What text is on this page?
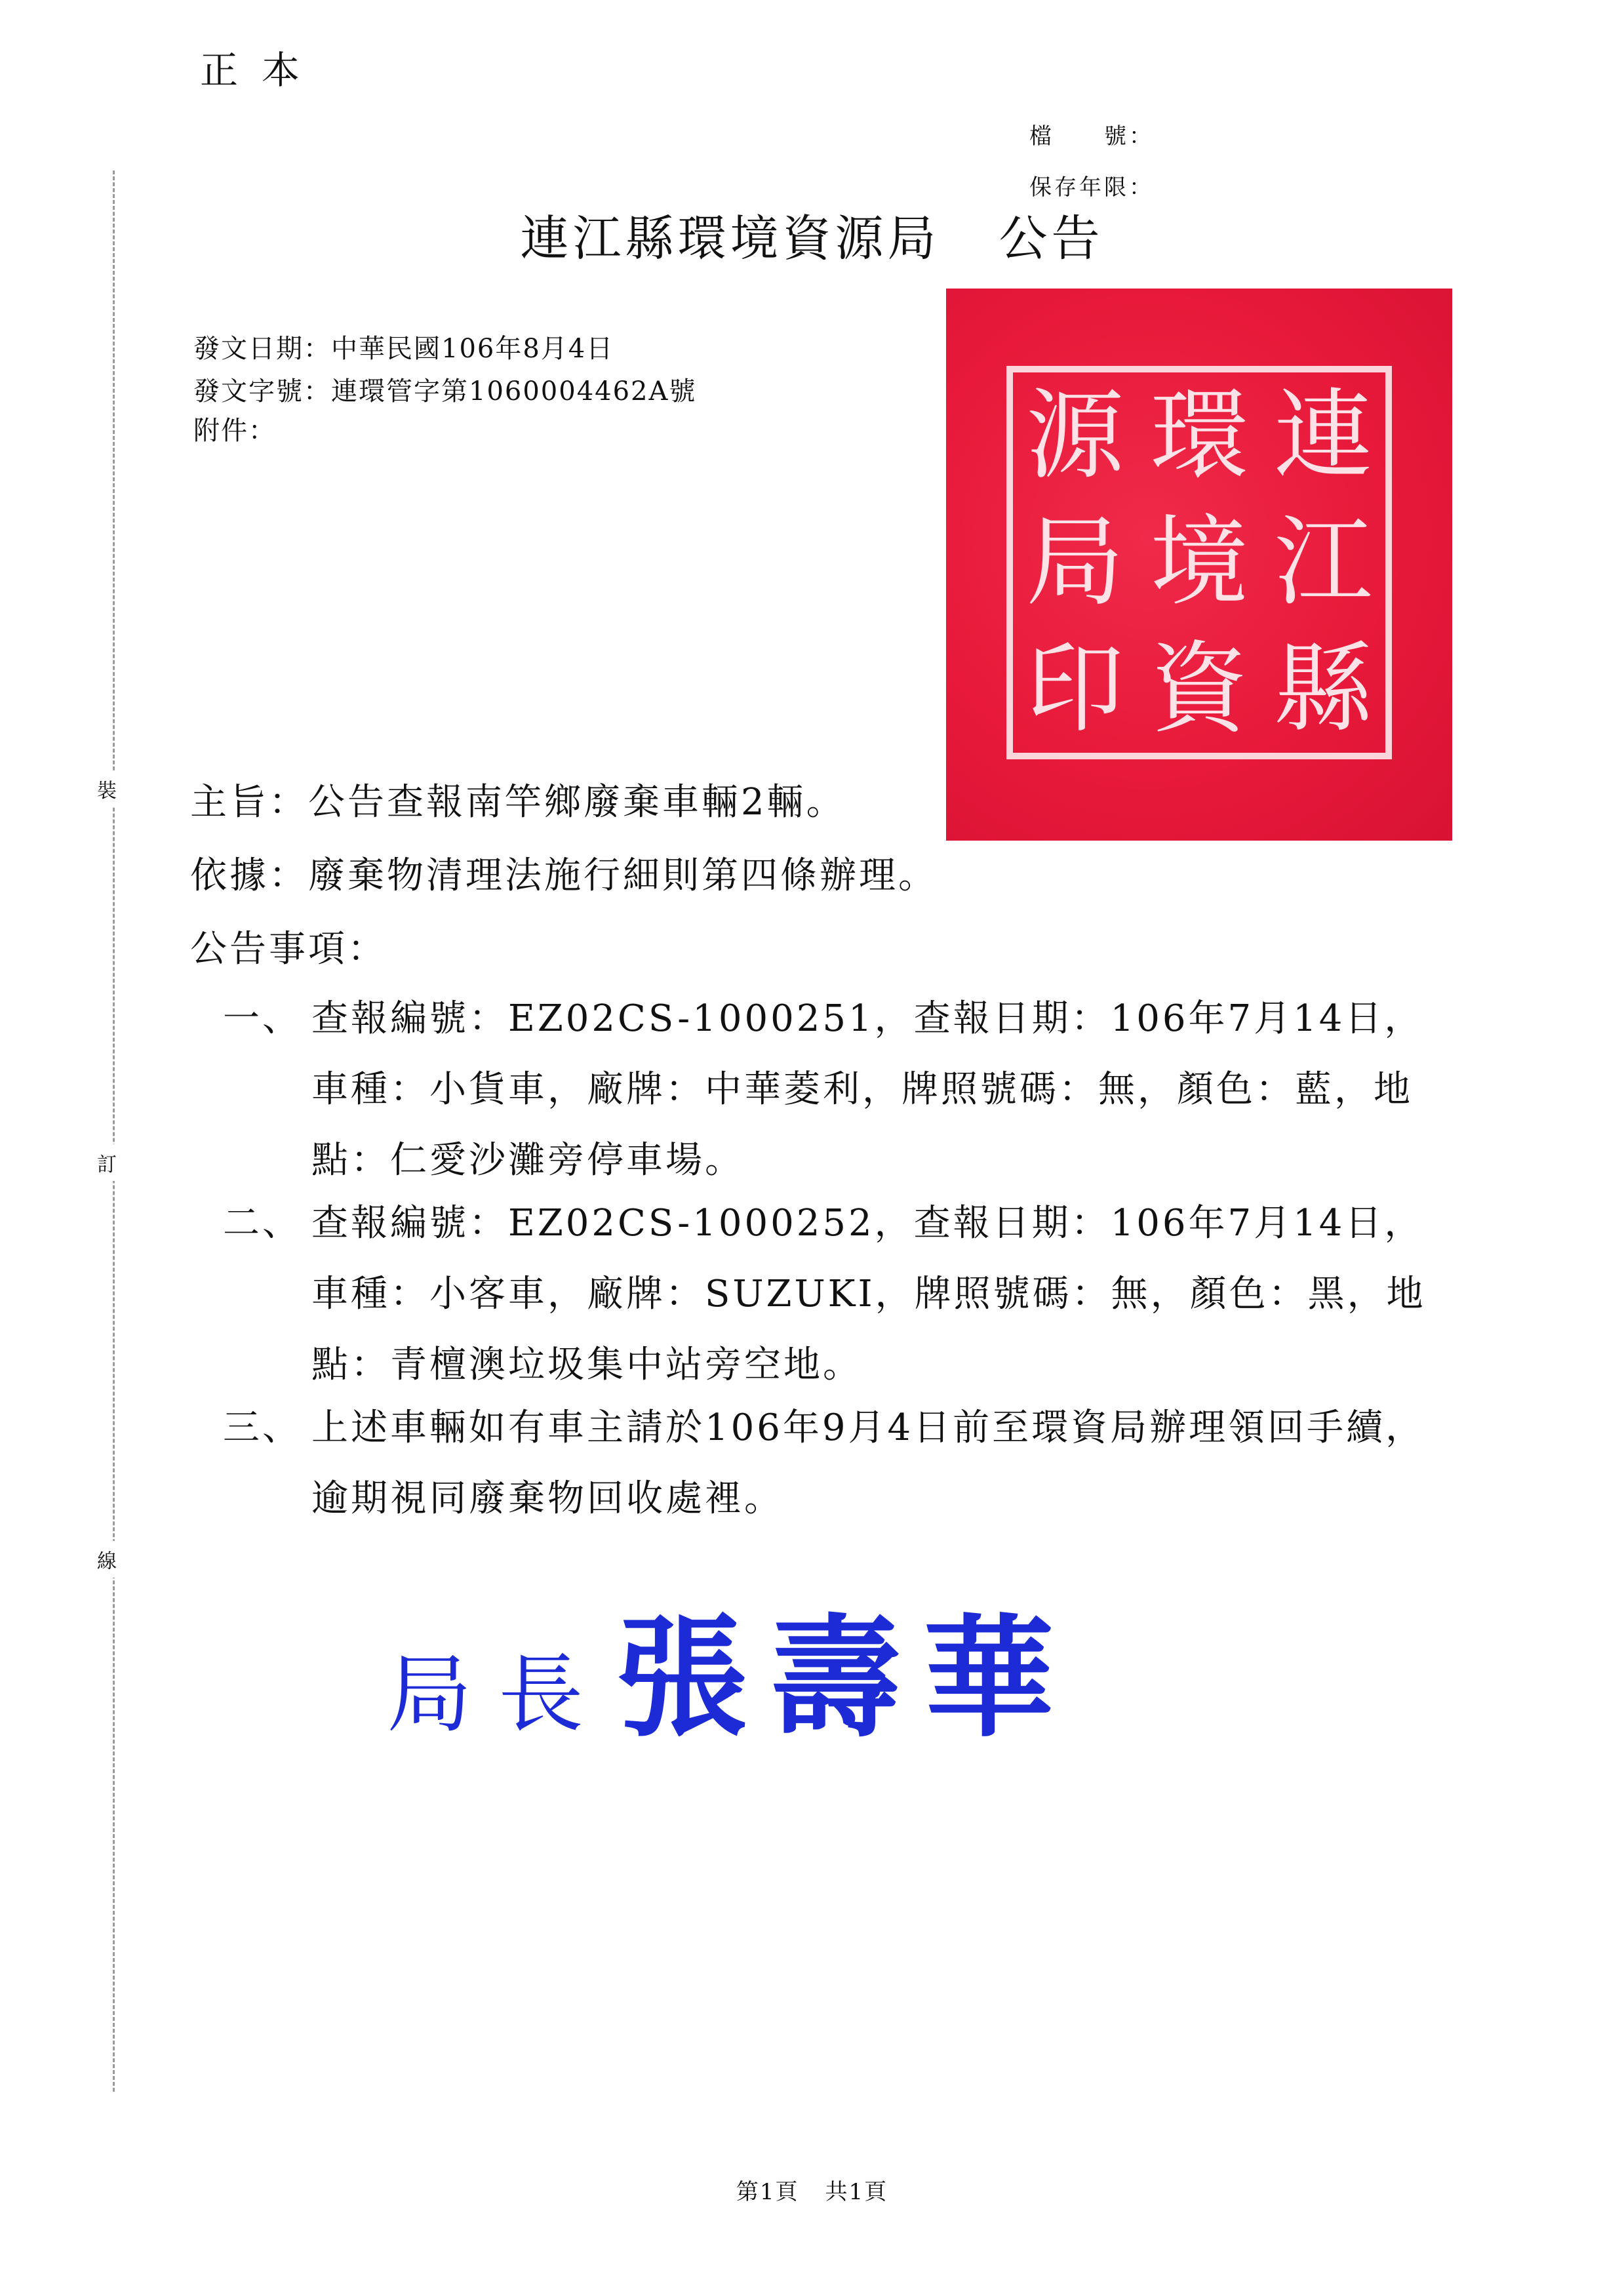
正本
檔　　號：
保存年限：
連江縣環境資源局 公告
發文日期：中華民國106年8月4日
發文字號：連環管字第1060004462A號
附件：	連
江
縣
環
境
資
源
局
印
裝
訂
線
主旨：公告查報南竿鄉廢棄車輛2輛。
依據：廢棄物清理法施行細則第四條辦理。
公告事項：
一、 查報編號：EZ02CS-1000251，查報日期：106年7月14日，車種：小貨車，廠牌：中華菱利，牌照號碼：無，顏色：藍，地點：仁愛沙灘旁停車場。
二、 查報編號：EZ02CS-1000252，查報日期：106年7月14日，車種：小客車，廠牌：SUZUKI，牌照號碼：無，顏色：黑，地點：青檀澳垃圾集中站旁空地。
三、 上述車輛如有車主請於106年9月4日前至環資局辦理領回手續，逾期視同廢棄物回收處裡。
局長張壽華
第1頁 共1頁
